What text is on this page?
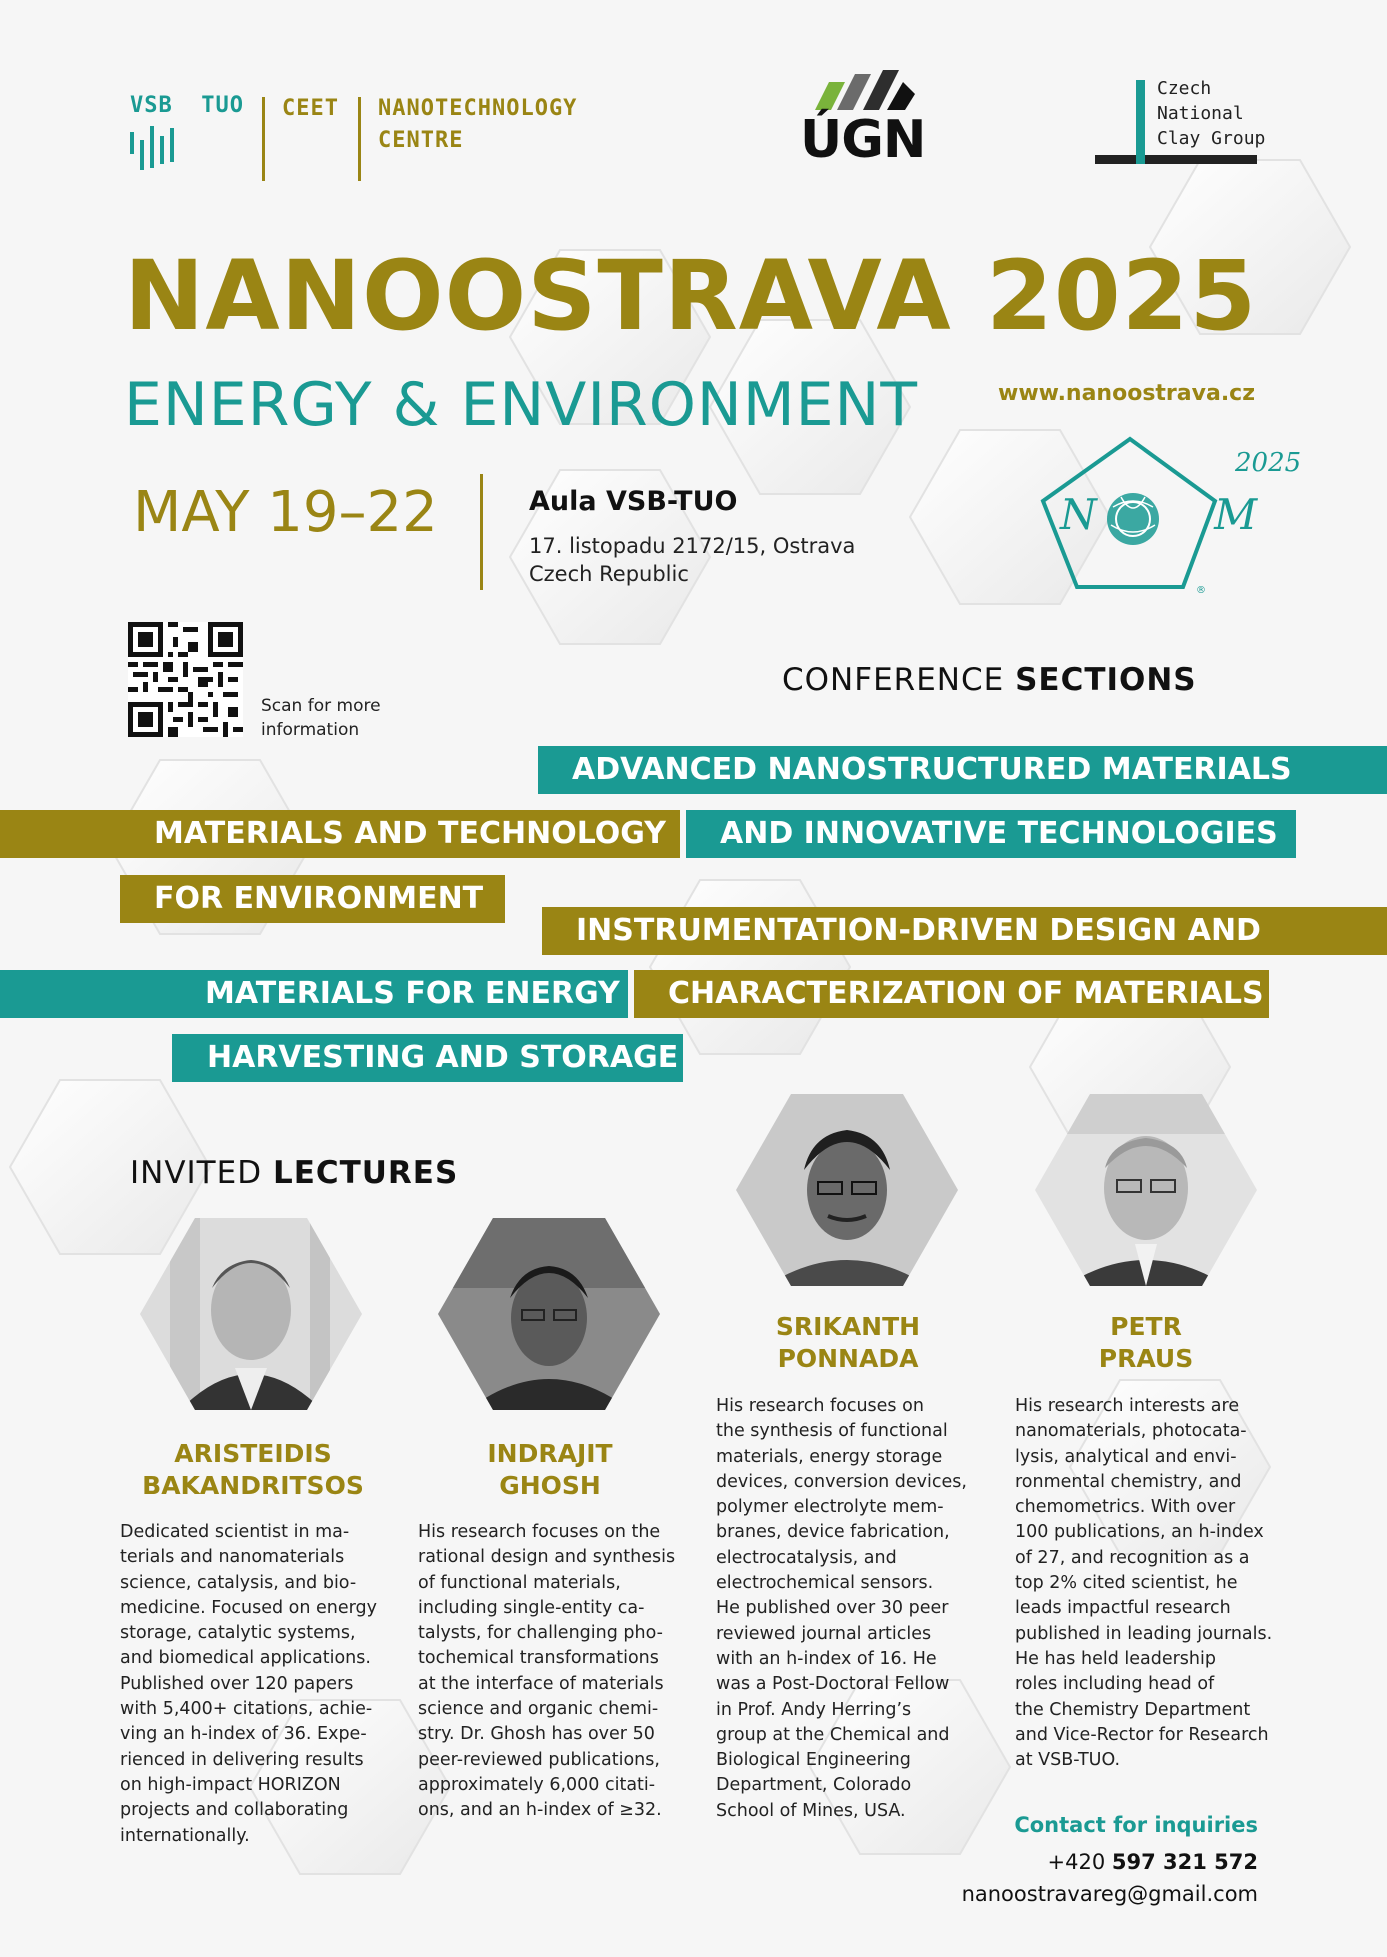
VSB TUO CEET NANOTECHNOLOGY
CENTRE	ÚGN
Czech
National
Clay Group
NANOOSTRAVA 2025
ENERGY & ENVIRONMENT	www.nanoostrava.cz
MAY 19–22	Aula VSB-TUO
17. listopadu 2172/15, Ostrava
Czech Republic
N M
2025
®
Scan for more
information
CONFERENCE SECTIONS
ADVANCED NANOSTRUCTURED MATERIALS
MATERIALS AND TECHNOLOGY	AND INNOVATIVE TECHNOLOGIES
FOR ENVIRONMENT
INSTRUMENTATION-DRIVEN DESIGN AND
MATERIALS FOR ENERGY	CHARACTERIZATION OF MATERIALS
HARVESTING AND STORAGE
INVITED LECTURES
ARISTEIDIS
BAKANDRITSOS
INDRAJIT
GHOSH
SRIKANTH
PONNADA
PETR
PRAUS
Dedicated scientist in ma-
terials and nanomaterials
science, catalysis, and bio-
medicine. Focused on energy
storage, catalytic systems,
and biomedical applications.
Published over 120 papers
with 5,400+ citations, achie-
ving an h-index of 36. Expe-
rienced in delivering results
on high-impact HORIZON
projects and collaborating
internationally.
His research focuses on the
rational design and synthesis
of functional materials,
including single-entity ca-
talysts, for challenging pho-
tochemical transformations
at the interface of materials
science and organic chemi-
stry. Dr. Ghosh has over 50
peer-reviewed publications,
approximately 6,000 citati-
ons, and an h-index of ≥32.
His research focuses on
the synthesis of functional
materials, energy storage
devices, conversion devices,
polymer electrolyte mem-
branes, device fabrication,
electrocatalysis, and
electrochemical sensors.
He published over 30 peer
reviewed journal articles
with an h-index of 16. He
was a Post-Doctoral Fellow
in Prof. Andy Herring’s
group at the Chemical and
Biological Engineering
Department, Colorado
School of Mines, USA.
His research interests are
nanomaterials, photocata-
lysis, analytical and envi-
ronmental chemistry, and
chemometrics. With over
100 publications, an h-index
of 27, and recognition as a
top 2% cited scientist, he
leads impactful research
published in leading journals.
He has held leadership
roles including head of
the Chemistry Department
and Vice-Rector for Research
at VSB-TUO.
Contact for inquiries
+420 597 321 572
nanoostravareg@gmail.com
